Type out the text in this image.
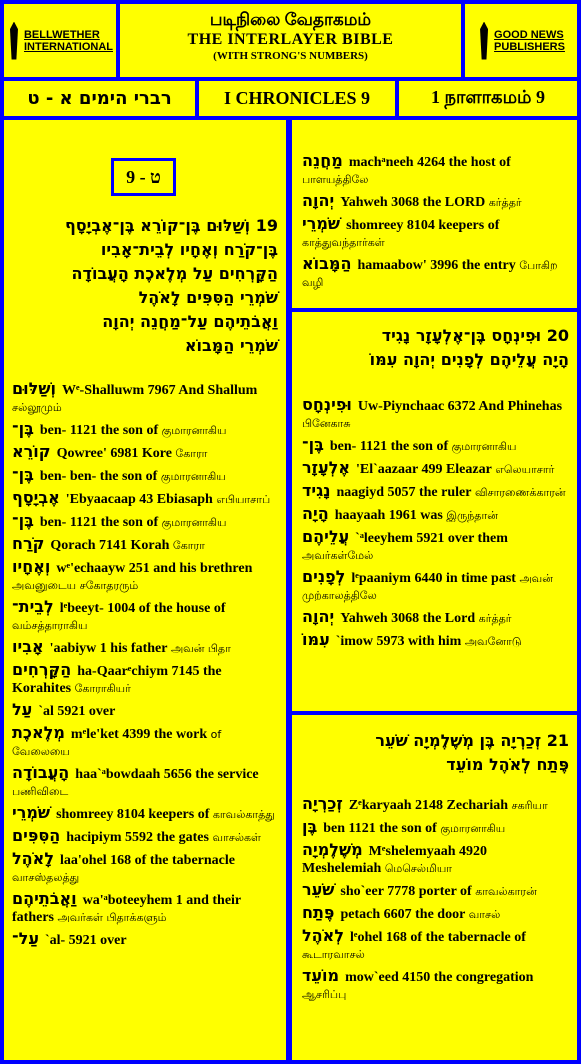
BELLWETHER
INTERNATIONAL
படிநிலை வேதாகமம்
THE INTERLAYER BIBLE
(WITH STRONG'S NUMBERS)
GOOD NEWS
PUBLISHERS
רברי הימים א - ט	I CHRONICLES 9	1 நாளாகமம் 9
ט - 9
19 וְשַׁלּוּם בֶּן־קוֹרֵא בֶּן־אֶבְיָסָף
בֶּן־קֹרַח וְאֶחָיו לְבֵית־אָבִיו
הַקָּרְחִים עַל מְלֶאכֶת הָעֲבוֹדָה
שֹׁמְרֵי הַסִּפִּים לָאֹהֶל
וַאֲבֹתֵיהֶם עַל־מַחֲנֵה יְהוָה
שֹׁמְרֵי הַמָּבוֹא
וְשַׁלּוּם Wᵉ-Shalluwm 7967 And Shallum சல்லூமும்
בֶּן־ ben- 1121 the son of குமாரனாகிய
קוֹרֵא Qowree' 6981 Kore கோரா
בֶּן־ ben- ben- the son of குமாரனாகிய
אֶבְיָסָף 'Ebyaacaap 43 Ebiasaph எபியாசாப்
בֶּן־ ben- 1121 the son of குமாரனாகிய
קֹרַח Qorach 7141 Korah கோரா
וְאֶחָיו wᵉ'echaayw 251 and his brethren அவனுடைய சகோதரரும்
לְבֵית־ lᵉbeeyt- 1004 of the house of வம்சத்தாராகிய
אָבִיו 'aabiyw 1 his father அவன் பிதா
הַקָּרְחִים ha-Qaarᵉchiym 7145 the Korahites கோராகியர்
עַל `al 5921 over
מְלֶאכֶת mᵉle'ket 4399 the work of வேலையை
הָעֲבוֹדָה haa`ᵃbowdaah 5656 the service பணிவிடை
שֹׁמְרֵי shomreey 8104 keepers of காவல்காத்து
הַסִּפִּים hacipiym 5592 the gates வாசல்கள்
לָאֹהֶל laa'ohel 168 of the tabernacle வாசஸ்தலத்து
וַאֲבֹתֵיהֶם wa'ᵃboteeyhem 1 and their fathers அவர்கள் பிதாக்களும்
עַל־ `al- 5921 over
מַחֲנֵה machᵃneeh 4264 the host of பாளயத்திலே
יְהוָה Yahweh 3068 the LORD கர்த்தர்
שֹׁמְרֵי shomreey 8104 keepers of காத்துவந்தார்கள்
הַמָּבוֹא hamaabow' 3996 the entry போகிற வழி
20 וּפִינְחָס בֶּן־אֶלְעָזָר נָגִיד
הָיָה עֲלֵיהֶם לְפָנִים יְהוָה עִמּוֹ
וּפִינְחָס Uw-Piynchaac 6372 And Phinehas பினேகாசு
בֶּן־ ben- 1121 the son of குமாரனாகிய
אֶלְעָזָר 'El`aazaar 499 Eleazar எலெயாசார்
נָגִיד naagiyd 5057 the ruler விசாரணைக்காரன்
הָיָה haayaah 1961 was இருந்தான்
עֲלֵיהֶם `ᵃleeyhem 5921 over them அவர்கள்மேல்
לְפָנִים lᵉpaaniym 6440 in time past அவன் முற்காலத்திலே
יְהוָה Yahweh 3068 the Lord கர்த்தர்
עִמּוֹ `imow 5973 with him அவனோடு
21 זְכַרְיָה בֶּן מְשֶׁלֶמְיָה שֹׁעֵר
פֶּתַח לְאֹהֶל מוֹעֵד
זְכַרְיָה Zᵉkaryaah 2148 Zechariah சகரியா
בֶּן ben 1121 the son of குமாரனாகிய
מְשֶׁלֶמְיָה Mᵉshelemyaah 4920 Meshelemiah மெசெல்மியா
שֹׁעֵר sho`eer 7778 porter of காவல்காரன்
פֶּתַח petach 6607 the door வாசல்
לְאֹהֶל lᵉohel 168 of the tabernacle of கூடாரவாசல்
מוֹעֵד mow`eed 4150 the congregation ஆசரிப்பு
